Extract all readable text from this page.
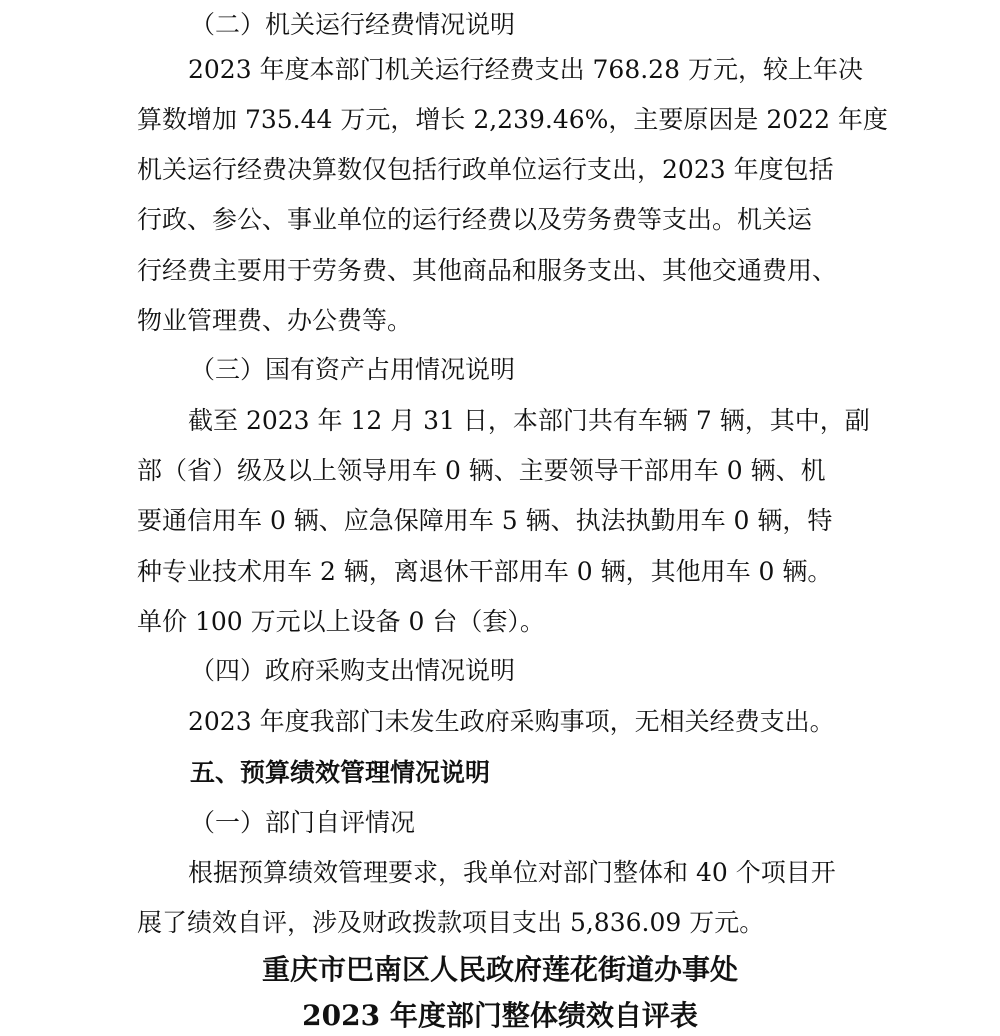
（二）机关运行经费情况说明
2023 年度本部门机关运行经费支出 768.28 万元，较上年决
算数增加 735.44 万元，增长 2,239.46%，主要原因是 2022 年度
机关运行经费决算数仅包括行政单位运行支出，2023 年度包括
行政、参公、事业单位的运行经费以及劳务费等支出。机关运
行经费主要用于劳务费、其他商品和服务支出、其他交通费用、
物业管理费、办公费等。
（三）国有资产占用情况说明
截至 2023 年 12 月 31 日，本部门共有车辆 7 辆，其中，副
部（省）级及以上领导用车 0 辆、主要领导干部用车 0 辆、机
要通信用车 0 辆、应急保障用车 5 辆、执法执勤用车 0 辆，特
种专业技术用车 2 辆，离退休干部用车 0 辆，其他用车 0 辆。
单价 100 万元以上设备 0 台（套）。
（四）政府采购支出情况说明
2023 年度我部门未发生政府采购事项，无相关经费支出。
五、预算绩效管理情况说明
（一）部门自评情况
根据预算绩效管理要求，我单位对部门整体和 40 个项目开
展了绩效自评，涉及财政拨款项目支出 5,836.09 万元。
重庆市巴南区人民政府莲花街道办事处
2023 年度部门整体绩效自评表
